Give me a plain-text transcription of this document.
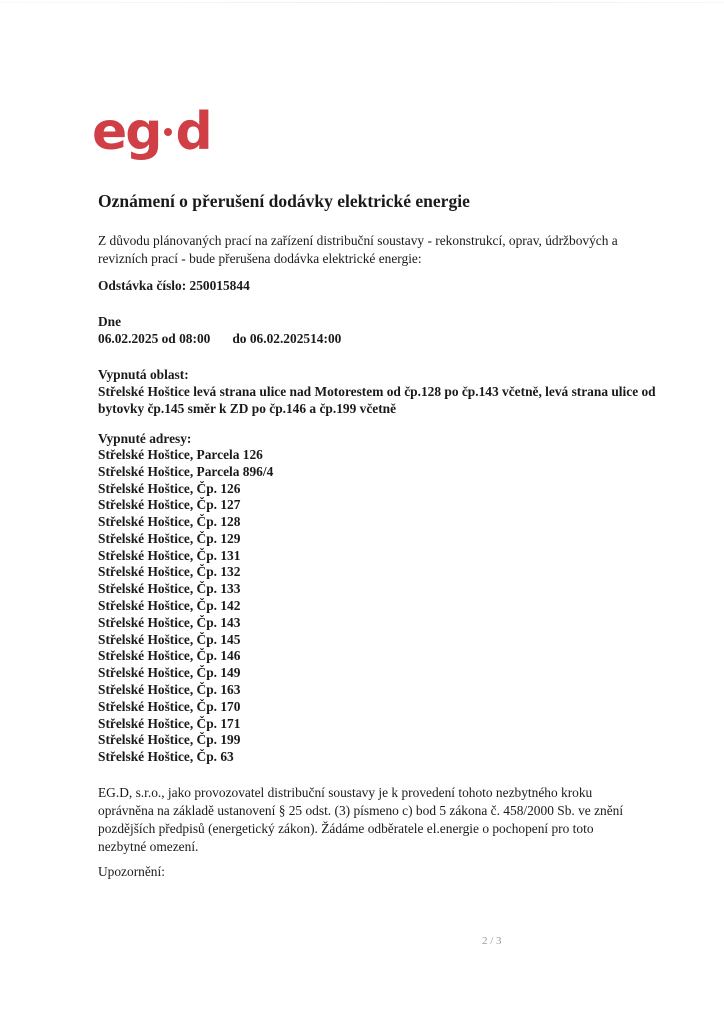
eg d
Oznámení o přerušení dodávky elektrické energie

Z důvodu plánovaných prací na zařízení distribuční soustavy - rekonstrukcí, oprav, údržbových a revizních prací - bude přerušena dodávka elektrické energie:

Odstávka číslo: 250015844

Dne
06.02.2025 od 08:00 do 06.02.202514:00
Vypnutá oblast:
Střelské Hoštice levá strana ulice nad Motorestem od čp.128 po čp.143 včetně, levá strana ulice od bytovky čp.145 směr k ZD po čp.146 a čp.199 včetně
Vypnuté adresy:
Střelské Hoštice, Parcela 126
Střelské Hoštice, Parcela 896/4
Střelské Hoštice, Čp. 126
Střelské Hoštice, Čp. 127
Střelské Hoštice, Čp. 128
Střelské Hoštice, Čp. 129
Střelské Hoštice, Čp. 131
Střelské Hoštice, Čp. 132
Střelské Hoštice, Čp. 133
Střelské Hoštice, Čp. 142
Střelské Hoštice, Čp. 143
Střelské Hoštice, Čp. 145
Střelské Hoštice, Čp. 146
Střelské Hoštice, Čp. 149
Střelské Hoštice, Čp. 163
Střelské Hoštice, Čp. 170
Střelské Hoštice, Čp. 171
Střelské Hoštice, Čp. 199
Střelské Hoštice, Čp. 63

EG.D, s.r.o., jako provozovatel distribuční soustavy je k provedení tohoto nezbytného kroku oprávněna na základě ustanovení § 25 odst. (3) písmeno c) bod 5 zákona č. 458/2000 Sb. ve znění pozdějších předpisů (energetický zákon). Žádáme odběratele el.energie o pochopení pro toto nezbytné omezení.

Upozornění:

2 / 3
